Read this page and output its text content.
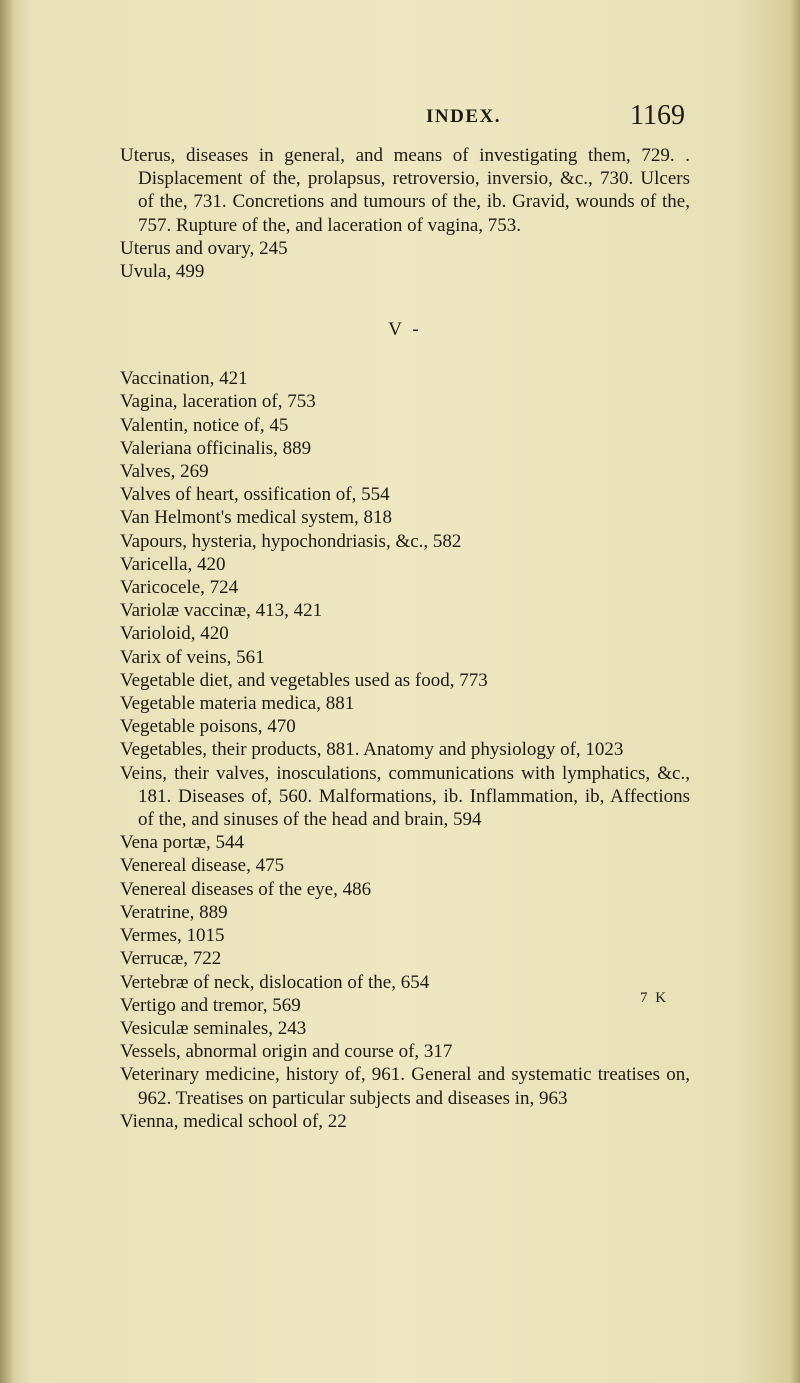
INDEX.	1169
Uterus, diseases in general, and means of investigating them, 729. . Displacement of the, prolapsus, retroversio, inversio, &c., 730. Ulcers of the, 731. Concretions and tumours of the, ib. Gravid, wounds of the, 757. Rupture of the, and laceration of vagina, 753.
Uterus and ovary, 245
Uvula, 499
V -
Vaccination, 421
Vagina, laceration of, 753
Valentin, notice of, 45
Valeriana officinalis, 889
Valves, 269
Valves of heart, ossification of, 554
Van Helmont's medical system, 818
Vapours, hysteria, hypochondriasis, &c., 582
Varicella, 420
Varicocele, 724
Variolæ vaccinæ, 413, 421
Varioloid, 420
Varix of veins, 561
Vegetable diet, and vegetables used as food, 773
Vegetable materia medica, 881
Vegetable poisons, 470
Vegetables, their products, 881. Anatomy and physiology of, 1023
Veins, their valves, inosculations, communications with lymphatics, &c., 181. Diseases of, 560. Malformations, ib. Inflammation, ib, Affections of the, and sinuses of the head and brain, 594
Vena portæ, 544
Venereal disease, 475
Venereal diseases of the eye, 486
Veratrine, 889
Vermes, 1015
Verrucæ, 722
Vertebræ of neck, dislocation of the, 654
Vertigo and tremor, 569
Vesiculæ seminales, 243
Vessels, abnormal origin and course of, 317
Veterinary medicine, history of, 961. General and systematic treatises on, 962. Treatises on particular subjects and diseases in, 963
Vienna, medical school of, 22
7 K
